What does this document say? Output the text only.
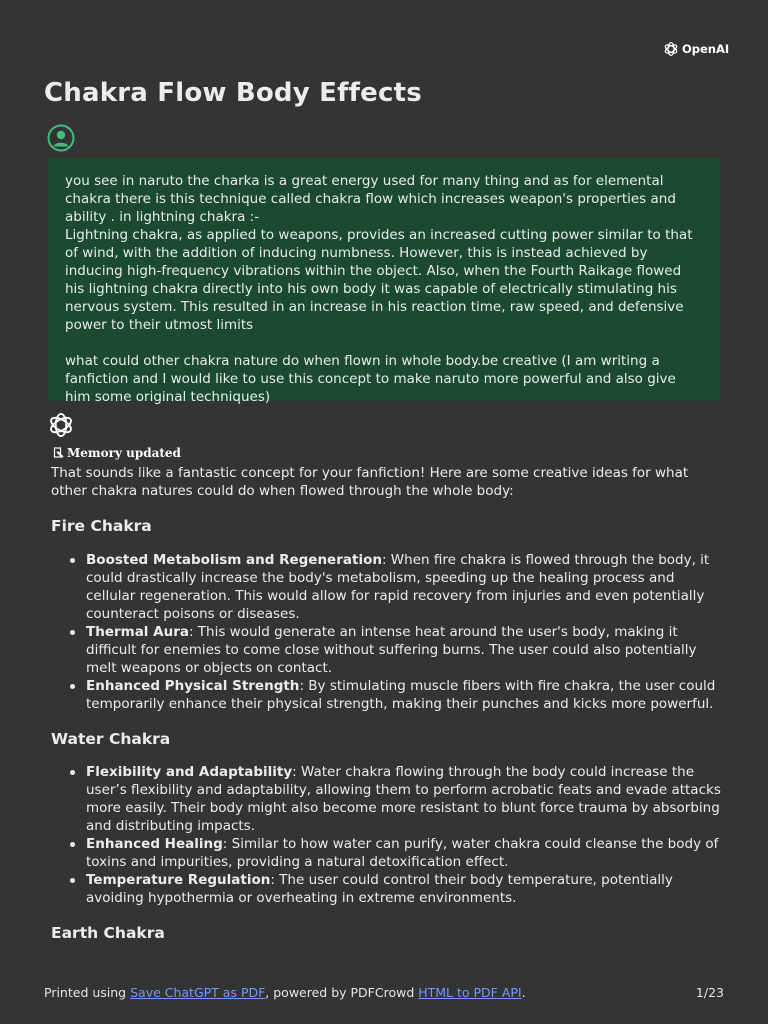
OpenAI
Chakra Flow Body Effects

you see in naruto the charka is a great energy used for many thing and as for elemental chakra there is this technique called chakra flow which increases weapon's properties and ability . in lightning chakra :-
Lightning chakra, as applied to weapons, provides an increased cutting power similar to that of wind, with the addition of inducing numbness. However, this is instead achieved by inducing high-frequency vibrations within the object. Also, when the Fourth Raikage flowed his lightning chakra directly into his own body it was capable of electrically stimulating his nervous system. This resulted in an increase in his reaction time, raw speed, and defensive power to their utmost limits

what could other chakra nature do when flown in whole body.be creative (I am writing a fanfiction and I would like to use this concept to make naruto more powerful and also give him some original techniques)

Memory updated

That sounds like a fantastic concept for your fanfiction! Here are some creative ideas for what other chakra natures could do when flowed through the whole body:

Fire Chakra
Boosted Metabolism and Regeneration: When fire chakra is flowed through the body, it could drastically increase the body's metabolism, speeding up the healing process and cellular regeneration. This would allow for rapid recovery from injuries and even potentially counteract poisons or diseases.
Thermal Aura: This would generate an intense heat around the user's body, making it difficult for enemies to come close without suffering burns. The user could also potentially melt weapons or objects on contact.
Enhanced Physical Strength: By stimulating muscle fibers with fire chakra, the user could temporarily enhance their physical strength, making their punches and kicks more powerful.
Water Chakra
Flexibility and Adaptability: Water chakra flowing through the body could increase the user’s flexibility and adaptability, allowing them to perform acrobatic feats and evade attacks more easily. Their body might also become more resistant to blunt force trauma by absorbing and distributing impacts.
Enhanced Healing: Similar to how water can purify, water chakra could cleanse the body of toxins and impurities, providing a natural detoxification effect.
Temperature Regulation: The user could control their body temperature, potentially avoiding hypothermia or overheating in extreme environments.
Earth Chakra
Printed using Save ChatGPT as PDF, powered by PDFCrowd HTML to PDF API.	1/23
